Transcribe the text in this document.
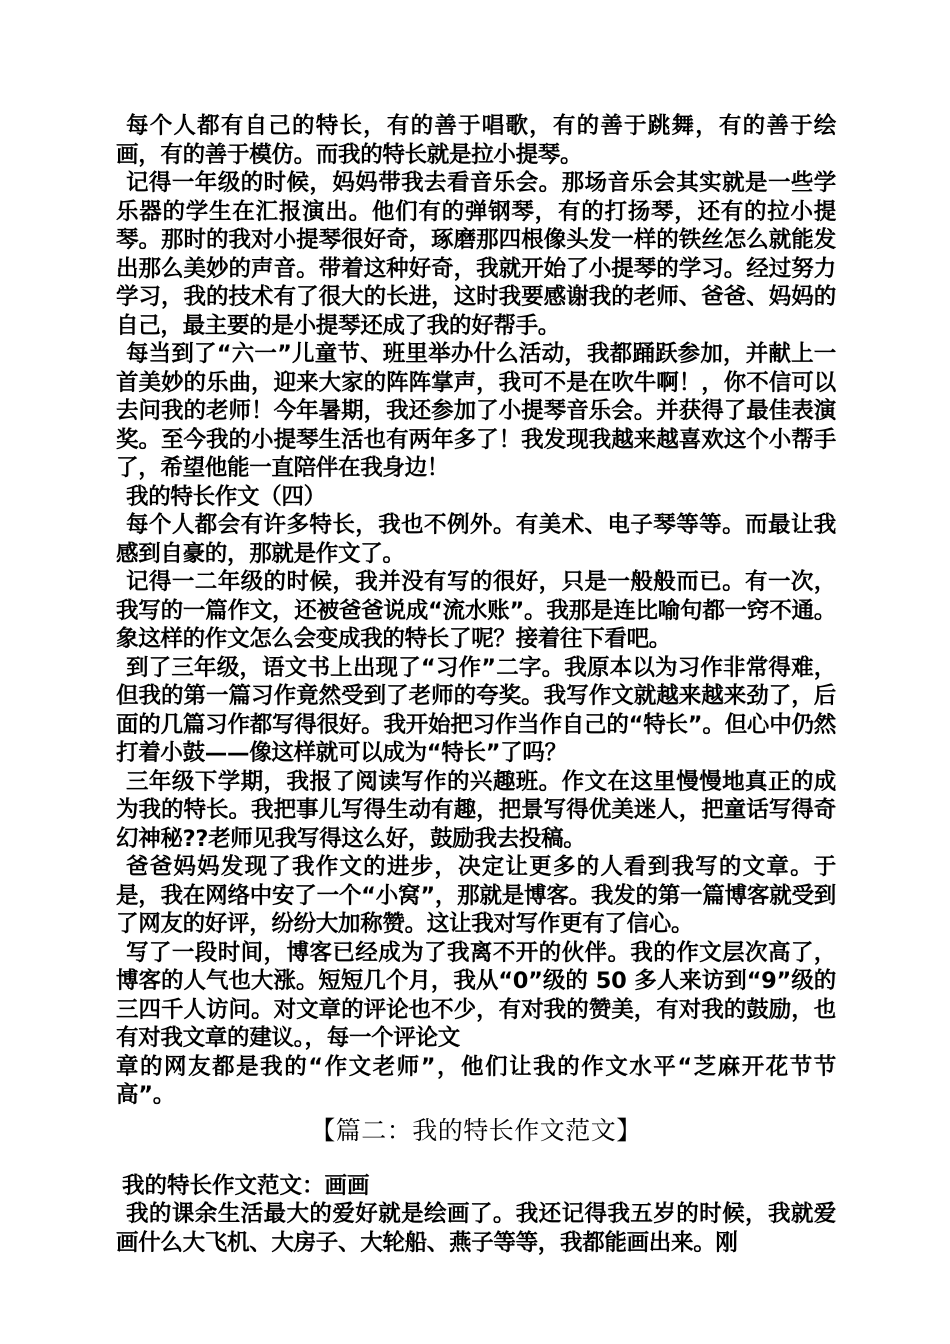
每个人都有自己的特长，有的善于唱歌，有的善于跳舞，有的善于绘画，有的善于模仿。而我的特长就是拉小提琴。

记得一年级的时候，妈妈带我去看音乐会。那场音乐会其实就是一些学乐器的学生在汇报演出。他们有的弹钢琴，有的打扬琴，还有的拉小提琴。那时的我对小提琴很好奇，琢磨那四根像头发一样的铁丝怎么就能发出那么美妙的声音。带着这种好奇，我就开始了小提琴的学习。经过努力学习，我的技术有了很大的长进，这时我要感谢我的老师、爸爸、妈妈的自己，最主要的是小提琴还成了我的好帮手。

每当到了“六一”儿童节、班里举办什么活动，我都踊跃参加，并献上一首美妙的乐曲，迎来大家的阵阵掌声，我可不是在吹牛啊！，你不信可以去问我的老师！今年暑期，我还参加了小提琴音乐会。并获得了最佳表演奖。至今我的小提琴生活也有两年多了！我发现我越来越喜欢这个小帮手了，希望他能一直陪伴在我身边！

我的特长作文（四）

每个人都会有许多特长，我也不例外。有美术、电子琴等等。而最让我感到自豪的，那就是作文了。

记得一二年级的时候，我并没有写的很好，只是一般般而已。有一次，我写的一篇作文，还被爸爸说成“流水账”。我那是连比喻句都一窍不通。象这样的作文怎么会变成我的特长了呢？接着往下看吧。

到了三年级，语文书上出现了“习作”二字。我原本以为习作非常得难，但我的第一篇习作竟然受到了老师的夸奖。我写作文就越来越来劲了，后面的几篇习作都写得很好。我开始把习作当作自己的“特长”。但心中仍然打着小鼓——像这样就可以成为“特长”了吗？

三年级下学期，我报了阅读写作的兴趣班。作文在这里慢慢地真正的成为我的特长。我把事儿写得生动有趣，把景写得优美迷人，把童话写得奇幻神秘??老师见我写得这么好，鼓励我去投稿。

爸爸妈妈发现了我作文的进步，决定让更多的人看到我写的文章。于是，我在网络中安了一个“小窝”，那就是博客。我发的第一篇博客就受到了网友的好评，纷纷大加称赞。这让我对写作更有了信心。

写了一段时间，博客已经成为了我离不开的伙伴。我的作文层次高了，博客的人气也大涨。短短几个月，我从“0”级的 50 多人来访到“9”级的三四千人访问。对文章的评论也不少，有对我的赞美，有对我的鼓励，也有对我文章的建议。，每一个评论文

章的网友都是我的“作文老师”，他们让我的作文水平“芝麻开花节节高”。

【篇二：我的特长作文范文】

我的特长作文范文：画画

我的课余生活最大的爱好就是绘画了。我还记得我五岁的时候，我就爱画什么大飞机、大房子、大轮船、燕子等等，我都能画出来。刚
